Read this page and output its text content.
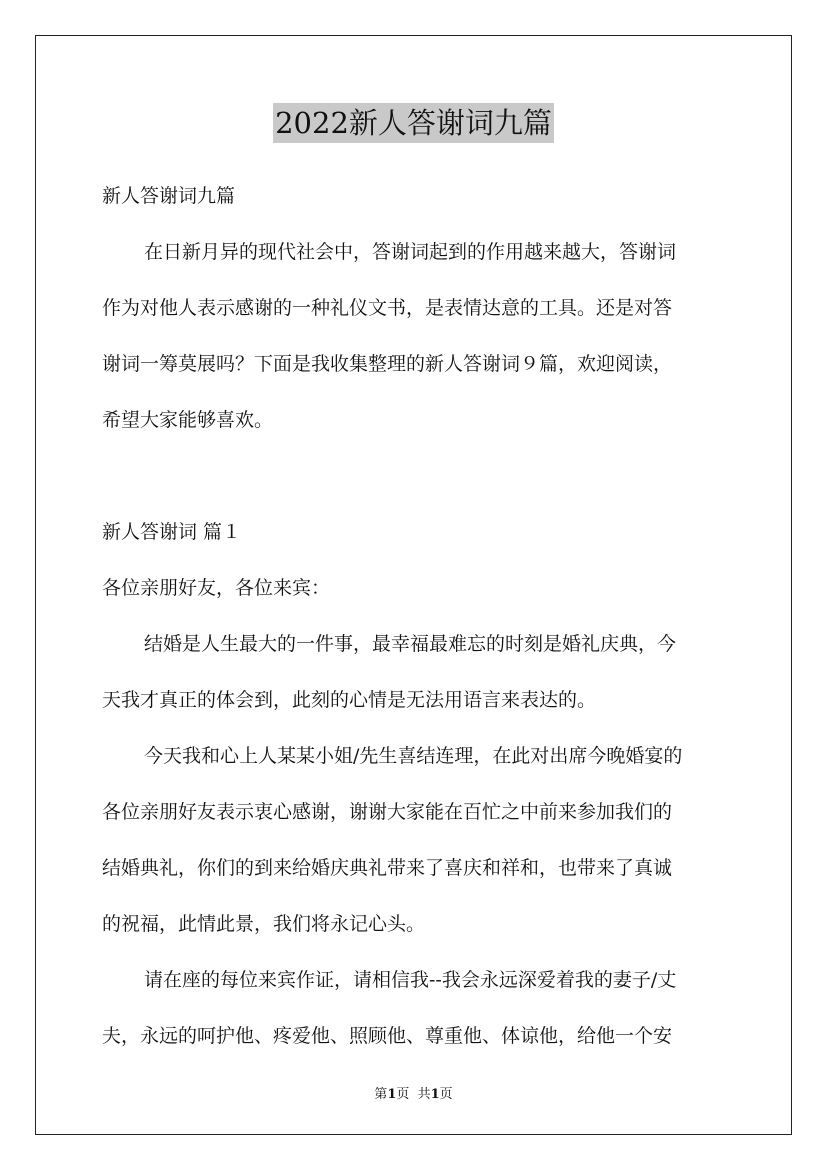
2022新人答谢词九篇
新人答谢词九篇
在日新月异的现代社会中，答谢词起到的作用越来越大，答谢词
作为对他人表示感谢的一种礼仪文书，是表情达意的工具。还是对答
谢词一筹莫展吗？下面是我收集整理的新人答谢词９篇，欢迎阅读，
希望大家能够喜欢。
新人答谢词 篇１
各位亲朋好友，各位来宾：
结婚是人生最大的一件事，最幸福最难忘的时刻是婚礼庆典，今
天我才真正的体会到，此刻的心情是无法用语言来表达的。
今天我和心上人某某小姐/先生喜结连理，在此对出席今晚婚宴的
各位亲朋好友表示衷心感谢，谢谢大家能在百忙之中前来参加我们的
结婚典礼，你们的到来给婚庆典礼带来了喜庆和祥和，也带来了真诚
的祝福，此情此景，我们将永记心头。
请在座的每位来宾作证，请相信我--我会永远深爱着我的妻子/丈
夫，永远的呵护他、疼爱他、照顾他、尊重他、体谅他，给他一个安
第1页  共1页
